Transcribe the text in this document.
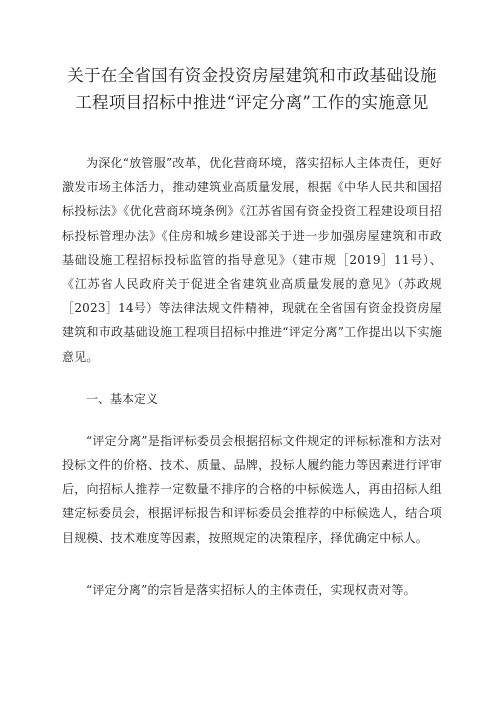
关于在全省国有资金投资房屋建筑和市政基础设施
工程项目招标中推进“评定分离”工作的实施意见

为深化“放管服”改革，优化营商环境，落实招标人主体责任，更好激发市场主体活力，推动建筑业高质量发展，根据《中华人民共和国招标投标法》《优化营商环境条例》《江苏省国有资金投资工程建设项目招标投标管理办法》《住房和城乡建设部关于进一步加强房屋建筑和市政基础设施工程招标投标监管的指导意见》（建市规［2019］11号）、《江苏省人民政府关于促进全省建筑业高质量发展的意见》（苏政规［2023］14号）等法律法规文件精神，现就在全省国有资金投资房屋建筑和市政基础设施工程项目招标中推进“评定分离”工作提出以下实施意见。

一、基本定义

“评定分离”是指评标委员会根据招标文件规定的评标标准和方法对投标文件的价格、技术、质量、品牌，投标人履约能力等因素进行评审后，向招标人推荐一定数量不排序的合格的中标候选人，再由招标人组建定标委员会，根据评标报告和评标委员会推荐的中标候选人，结合项目规模、技术难度等因素，按照规定的决策程序，择优确定中标人。

“评定分离”的宗旨是落实招标人的主体责任，实现权责对等。
